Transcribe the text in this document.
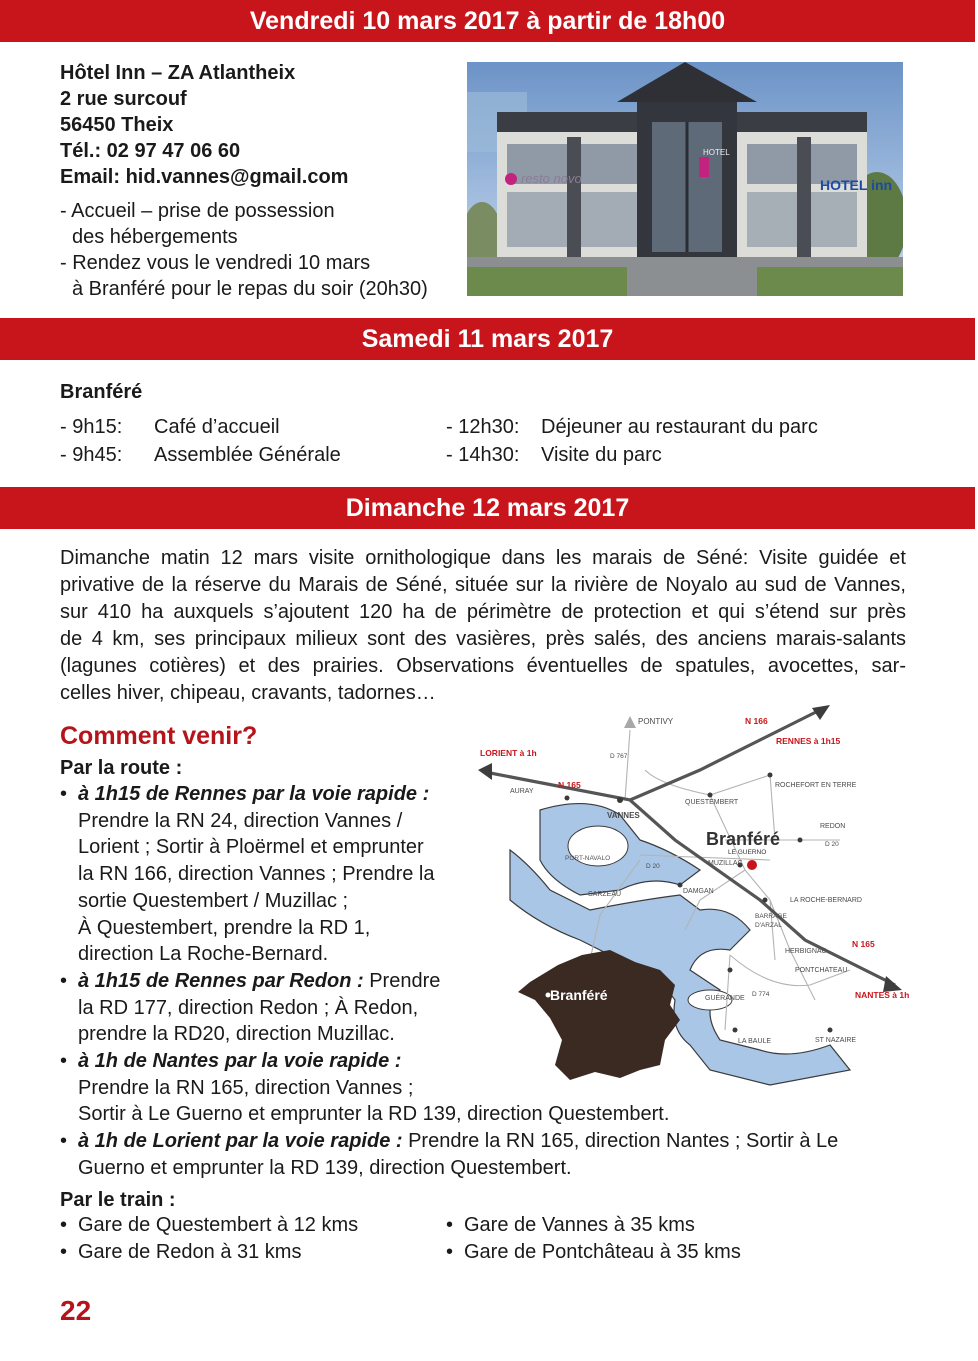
Vendredi 10 mars 2017 à partir de 18h00
Hôtel Inn – ZA Atlantheix
2 rue surcouf
56450 Theix
Tél.: 02 97 47 06 60
Email: hid.vannes@gmail.com
- Accueil – prise de possession
des hébergements
- Rendez vous le vendredi 10 mars
à Branféré pour le repas du soir (20h30)
resto novo
HOTEL
HOTEL inn
Samedi 11 mars 2017
Branféré
- 9h15:	Café d’accueil
- 9h45:	Assemblée Générale
- 12h30:	Déjeuner au restaurant du parc
- 14h30:	Visite du parc
Dimanche 12 mars 2017
Dimanche matin 12 mars visite ornithologique dans les marais de Séné: Visite guidée et
privative de la réserve du Marais de Séné, située sur la rivière de Noyalo au sud de Vannes,
sur 410 ha auxquels s’ajoutent 120 ha de périmètre de protection et qui s’étend sur près
de 4 km, ses principaux milieux sont des vasières, près salés, des anciens marais-salants
(lagunes cotières) et des prairies. Observations éventuelles de spatules, avocettes, sar-
celles hiver, chipeau, cravants, tadornes…
Comment venir?
Par la route :
• à 1h15 de Rennes par la voie rapide :
Prendre la RN 24, direction Vannes /
Lorient ; Sortir à Ploërmel et emprunter
la RN 166, direction Vannes ; Prendre la
sortie Questembert / Muzillac ;
À Questembert, prendre la RD 1,
direction La Roche-Bernard.
• à 1h15 de Rennes par Redon : Prendre
la RD 177, direction Redon ; À Redon,
prendre la RD20, direction Muzillac.
• à 1h de Nantes par la voie rapide :
Prendre la RN 165, direction Vannes ;
Sortir à Le Guerno et emprunter la RD 139, direction Questembert.
• à 1h de Lorient par la voie rapide : Prendre la RN 165, direction Nantes ; Sortir à Le
Guerno et emprunter la RD 139, direction Questembert.
Par le train :
• Gare de Questembert à 12 kms
• Gare de Redon à 31 kms
• Gare de Vannes à 35 kms
• Gare de Pontchâteau à 35 kms
22
PONTIVY
D 767
AURAY
VANNES
QUESTEMBERT
ROCHEFORT EN TERRE
REDON
D 20
PORT-NAVALO
D 20	MUZILLAC
SARZEAU	DAMGAN
LA ROCHE-BERNARD
BARRAGE
D'ARZAL
N 165
HERBIGNAC
PONTCHATEAU
GUÉRANDE
D 774
LA BAULE	ST NAZAIRE
N 166
RENNES à 1h15
LORIENT à 1h
N 165
NANTES à 1h
Branféré
LE GUERNO
Branféré
